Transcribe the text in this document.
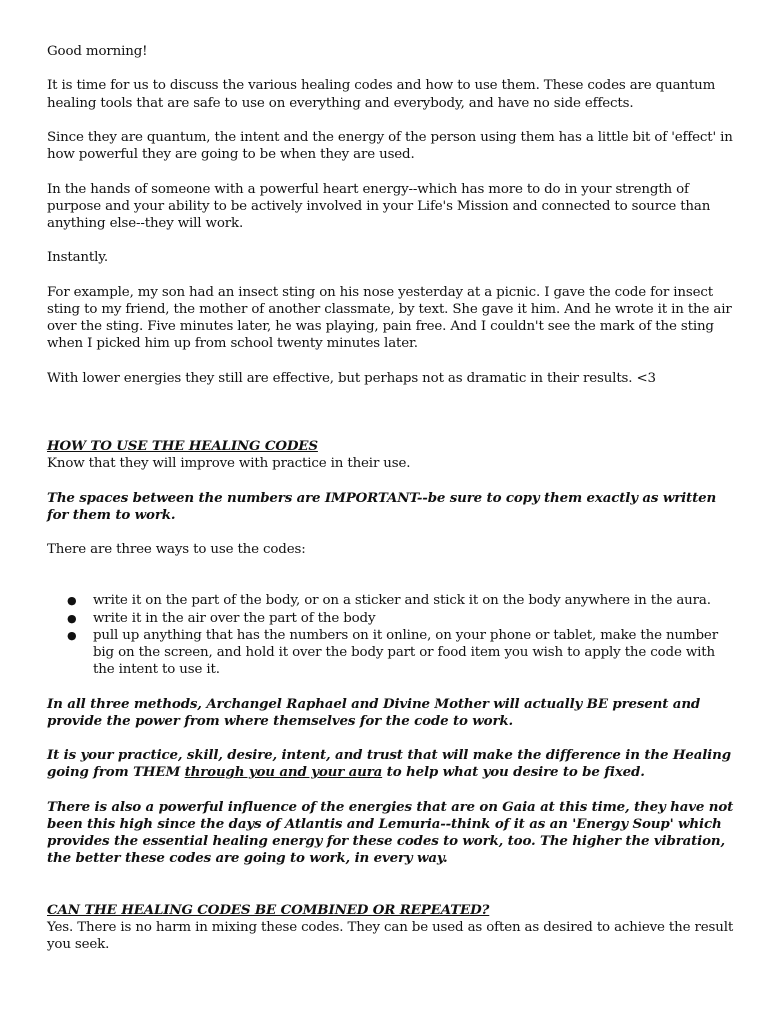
Good morning!

It is time for us to discuss the various healing codes and how to use them. These codes are quantum healing tools that are safe to use on everything and everybody, and have no side effects.

Since they are quantum, the intent and the energy of the person using them has a little bit of 'effect' in how powerful they are going to be when they are used.

In the hands of someone with a powerful heart energy--which has more to do in your strength of purpose and your ability to be actively involved in your Life's Mission and connected to source than anything else--they will work.

Instantly.

For example, my son had an insect sting on his nose yesterday at a picnic. I gave the code for insect sting to my friend, the mother of another classmate, by text. She gave it him. And he wrote it in the air over the sting. Five minutes later, he was playing, pain free. And I couldn't see the mark of the sting when I picked him up from school twenty minutes later.

With lower energies they still are effective, but perhaps not as dramatic in their results. <3

HOW TO USE THE HEALING CODES

Know that they will improve with practice in their use.

The spaces between the numbers are IMPORTANT--be sure to copy them exactly as written for them to work.

There are three ways to use the codes:

● write it on the part of the body, or on a sticker and stick it on the body anywhere in the aura.
● write it in the air over the part of the body
● pull up anything that has the numbers on it online, on your phone or tablet, make the number big on the screen, and hold it over the body part or food item you wish to apply the code with the intent to use it.

In all three methods, Archangel Raphael and Divine Mother will actually BE present and provide the power from where themselves for the code to work.

It is your practice, skill, desire, intent, and trust that will make the difference in the Healing going from THEM through you and your aura to help what you desire to be fixed.

There is also a powerful influence of the energies that are on Gaia at this time, they have not been this high since the days of Atlantis and Lemuria--think of it as an 'Energy Soup' which provides the essential healing energy for these codes to work, too. The higher the vibration, the better these codes are going to work, in every way.

CAN THE HEALING CODES BE COMBINED OR REPEATED?

Yes. There is no harm in mixing these codes. They can be used as often as desired to achieve the result you seek.
